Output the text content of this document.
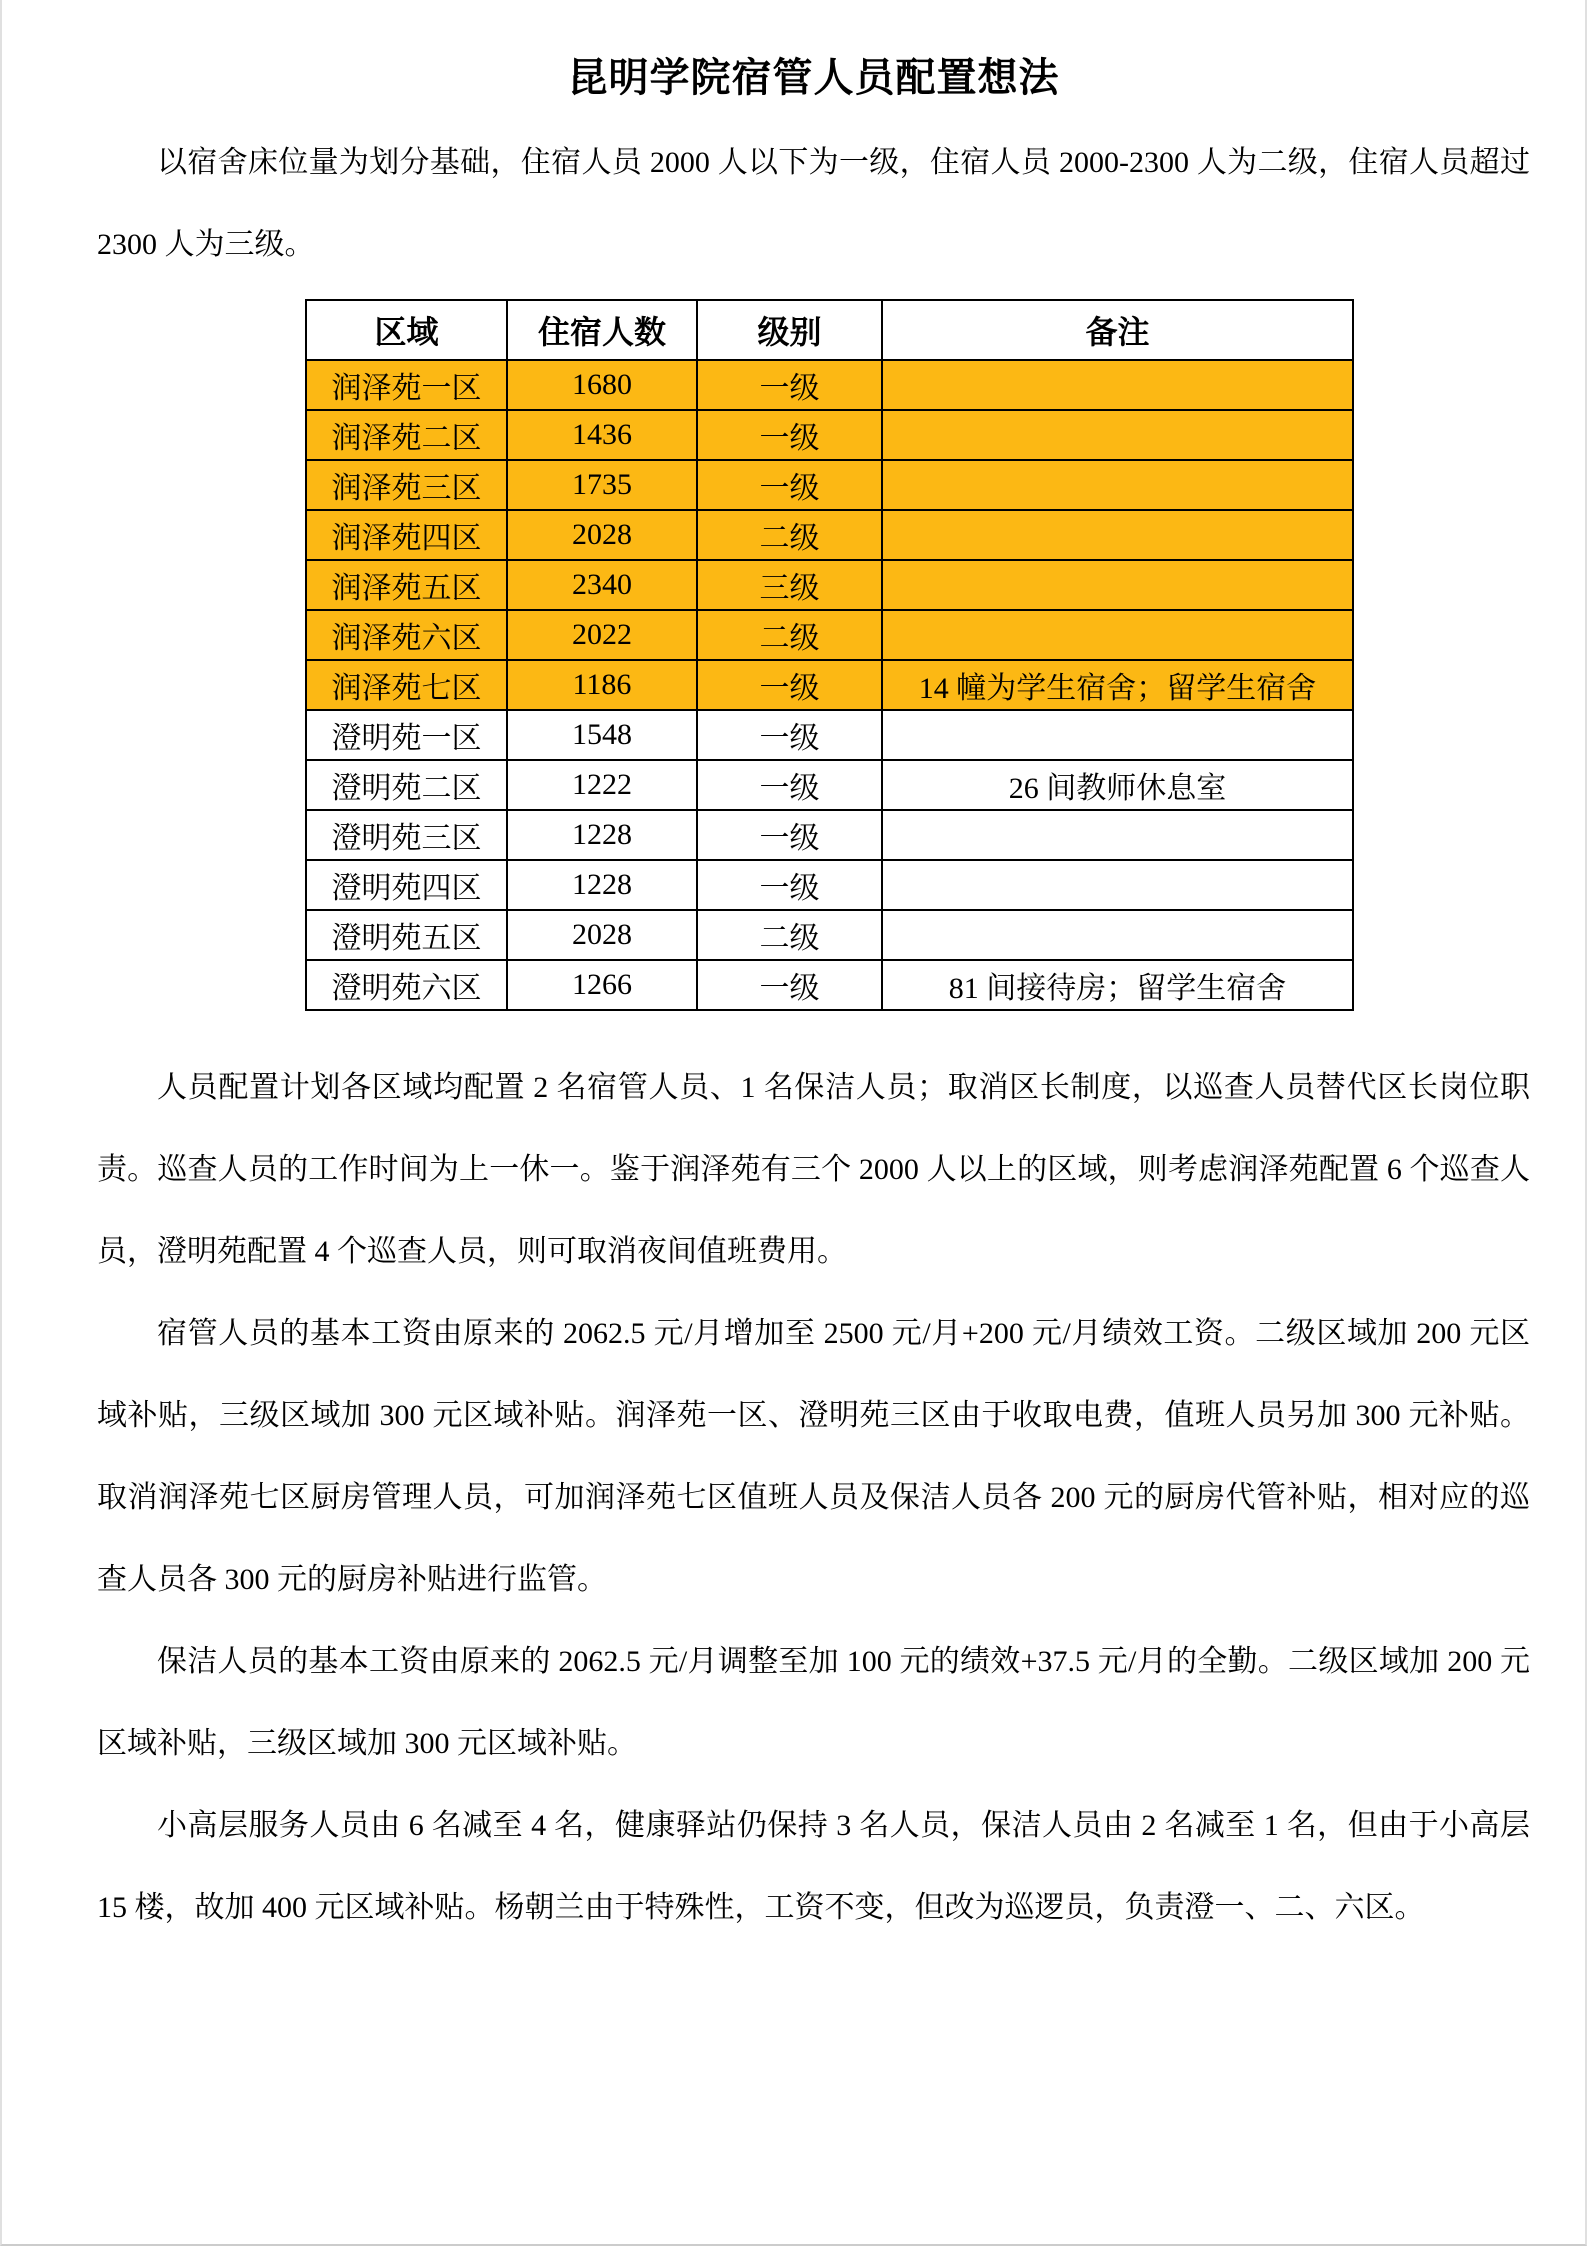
昆明学院宿管人员配置想法

以宿舍床位量为划分基础，住宿人员 2000 人以下为一级，住宿人员 2000-2300 人为二级，住宿人员超过 2300 人为三级。

区域	住宿人数	级别	备注
润泽苑一区	1680	一级	
润泽苑二区	1436	一级	
润泽苑三区	1735	一级	
润泽苑四区	2028	二级	
润泽苑五区	2340	三级	
润泽苑六区	2022	二级	
润泽苑七区	1186	一级	14 幢为学生宿舍；留学生宿舍
澄明苑一区	1548	一级	
澄明苑二区	1222	一级	26 间教师休息室
澄明苑三区	1228	一级	
澄明苑四区	1228	一级	
澄明苑五区	2028	二级	
澄明苑六区	1266	一级	81 间接待房；留学生宿舍

人员配置计划各区域均配置 2 名宿管人员、1 名保洁人员；取消区长制度，以巡查人员替代区长岗位职责。巡查人员的工作时间为上一休一。鉴于润泽苑有三个 2000 人以上的区域，则考虑润泽苑配置 6 个巡查人员，澄明苑配置 4 个巡查人员，则可取消夜间值班费用。

宿管人员的基本工资由原来的 2062.5 元/月增加至 2500 元/月+200 元/月绩效工资。二级区域加 200 元区域补贴，三级区域加 300 元区域补贴。润泽苑一区、澄明苑三区由于收取电费，值班人员另加 300 元补贴。取消润泽苑七区厨房管理人员，可加润泽苑七区值班人员及保洁人员各 200 元的厨房代管补贴，相对应的巡查人员各 300 元的厨房补贴进行监管。

保洁人员的基本工资由原来的 2062.5 元/月调整至加 100 元的绩效+37.5 元/月的全勤。二级区域加 200 元区域补贴，三级区域加 300 元区域补贴。

小高层服务人员由 6 名减至 4 名，健康驿站仍保持 3 名人员，保洁人员由 2 名减至 1 名，但由于小高层 15 楼，故加 400 元区域补贴。杨朝兰由于特殊性，工资不变，但改为巡逻员，负责澄一、二、六区。
